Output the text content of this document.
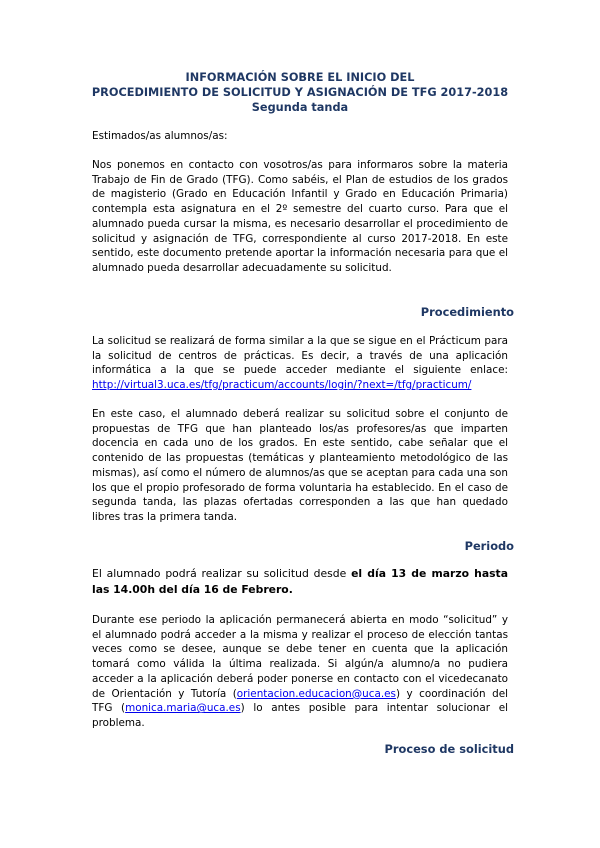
INFORMACIÓN SOBRE EL INICIO DEL
PROCEDIMIENTO DE SOLICITUD Y ASIGNACIÓN DE TFG 2017-2018
Segunda tanda

Estimados/as alumnos/as:

Nos ponemos en contacto con vosotros/as para informaros sobre la materia Trabajo de Fin de Grado (TFG). Como sabéis, el Plan de estudios de los grados de magisterio (Grado en Educación Infantil y Grado en Educación Primaria) contempla esta asignatura en el 2º semestre del cuarto curso. Para que el alumnado pueda cursar la misma, es necesario desarrollar el procedimiento de solicitud y asignación de TFG, correspondiente al curso 2017-2018. En este sentido, este documento pretende aportar la información necesaria para que el alumnado pueda desarrollar adecuadamente su solicitud.

Procedimiento

La solicitud se realizará de forma similar a la que se sigue en el Prácticum para la solicitud de centros de prácticas. Es decir, a través de una aplicación informática a la que se puede acceder mediante el siguiente enlace: http://virtual3.uca.es/tfg/practicum/accounts/login/?next=/tfg/practicum/

En este caso, el alumnado deberá realizar su solicitud sobre el conjunto de propuestas de TFG que han planteado los/as profesores/as que imparten docencia en cada uno de los grados. En este sentido, cabe señalar que el contenido de las propuestas (temáticas y planteamiento metodológico de las mismas), así como el número de alumnos/as que se aceptan para cada una son los que el propio profesorado de forma voluntaria ha establecido. En el caso de segunda tanda, las plazas ofertadas corresponden a las que han quedado libres tras la primera tanda.

Periodo

El alumnado podrá realizar su solicitud desde el día 13 de marzo hasta las 14.00h del día 16 de Febrero.

Durante ese periodo la aplicación permanecerá abierta en modo “solicitud” y el alumnado podrá acceder a la misma y realizar el proceso de elección tantas veces como se desee, aunque se debe tener en cuenta que la aplicación tomará como válida la última realizada. Si algún/a alumno/a no pudiera acceder a la aplicación deberá poder ponerse en contacto con el vicedecanato de Orientación y Tutoría (orientacion.educacion@uca.es) y coordinación del TFG (monica.maria@uca.es) lo antes posible para intentar solucionar el problema.

Proceso de solicitud
